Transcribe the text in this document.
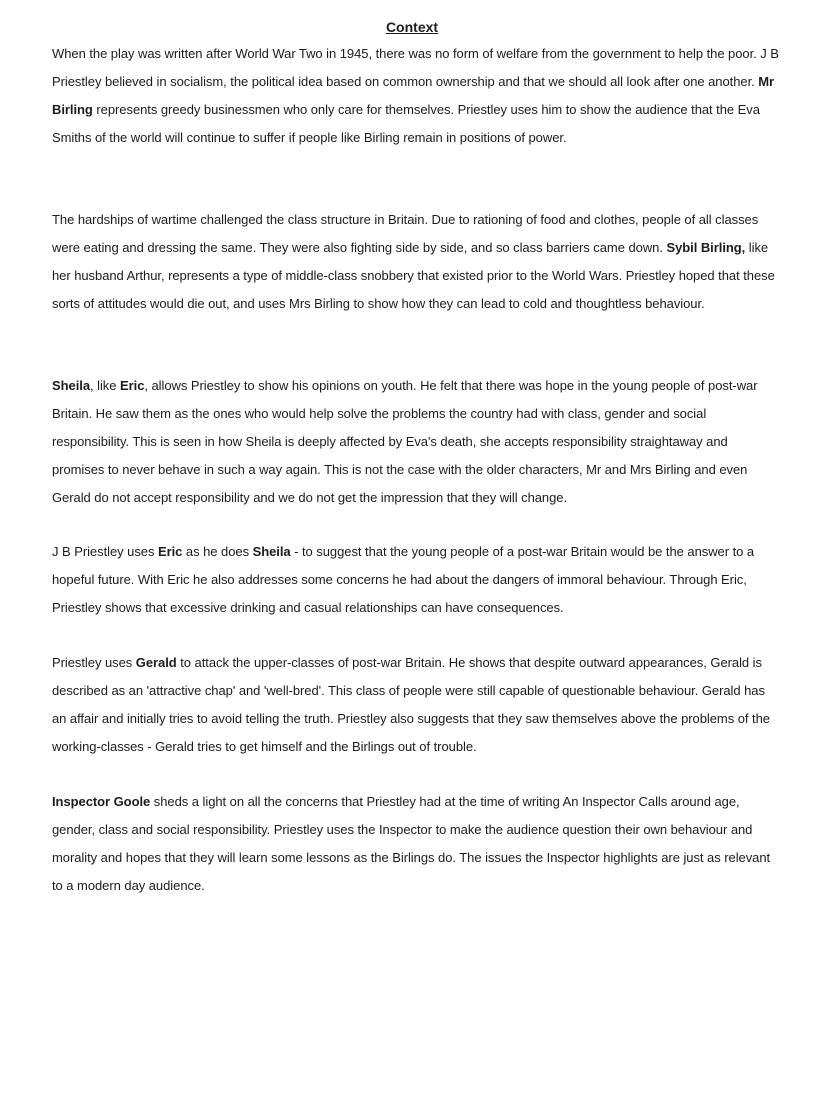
Context

When the play was written after World War Two in 1945, there was no form of welfare from the government to help the poor. J B Priestley believed in socialism, the political idea based on common ownership and that we should all look after one another. Mr Birling represents greedy businessmen who only care for themselves. Priestley uses him to show the audience that the Eva Smiths of the world will continue to suffer if people like Birling remain in positions of power.

The hardships of wartime challenged the class structure in Britain. Due to rationing of food and clothes, people of all classes were eating and dressing the same. They were also fighting side by side, and so class barriers came down. Sybil Birling, like her husband Arthur, represents a type of middle-class snobbery that existed prior to the World Wars. Priestley hoped that these sorts of attitudes would die out, and uses Mrs Birling to show how they can lead to cold and thoughtless behaviour.

Sheila, like Eric, allows Priestley to show his opinions on youth. He felt that there was hope in the young people of post-war Britain. He saw them as the ones who would help solve the problems the country had with class, gender and social responsibility. This is seen in how Sheila is deeply affected by Eva's death, she accepts responsibility straightaway and promises to never behave in such a way again. This is not the case with the older characters, Mr and Mrs Birling and even Gerald do not accept responsibility and we do not get the impression that they will change.

J B Priestley uses Eric as he does Sheila - to suggest that the young people of a post-war Britain would be the answer to a hopeful future. With Eric he also addresses some concerns he had about the dangers of immoral behaviour. Through Eric, Priestley shows that excessive drinking and casual relationships can have consequences.

Priestley uses Gerald to attack the upper-classes of post-war Britain. He shows that despite outward appearances, Gerald is described as an 'attractive chap' and 'well-bred'. This class of people were still capable of questionable behaviour. Gerald has an affair and initially tries to avoid telling the truth. Priestley also suggests that they saw themselves above the problems of the working-classes - Gerald tries to get himself and the Birlings out of trouble.

Inspector Goole sheds a light on all the concerns that Priestley had at the time of writing An Inspector Calls around age, gender, class and social responsibility. Priestley uses the Inspector to make the audience question their own behaviour and morality and hopes that they will learn some lessons as the Birlings do. The issues the Inspector highlights are just as relevant to a modern day audience.
